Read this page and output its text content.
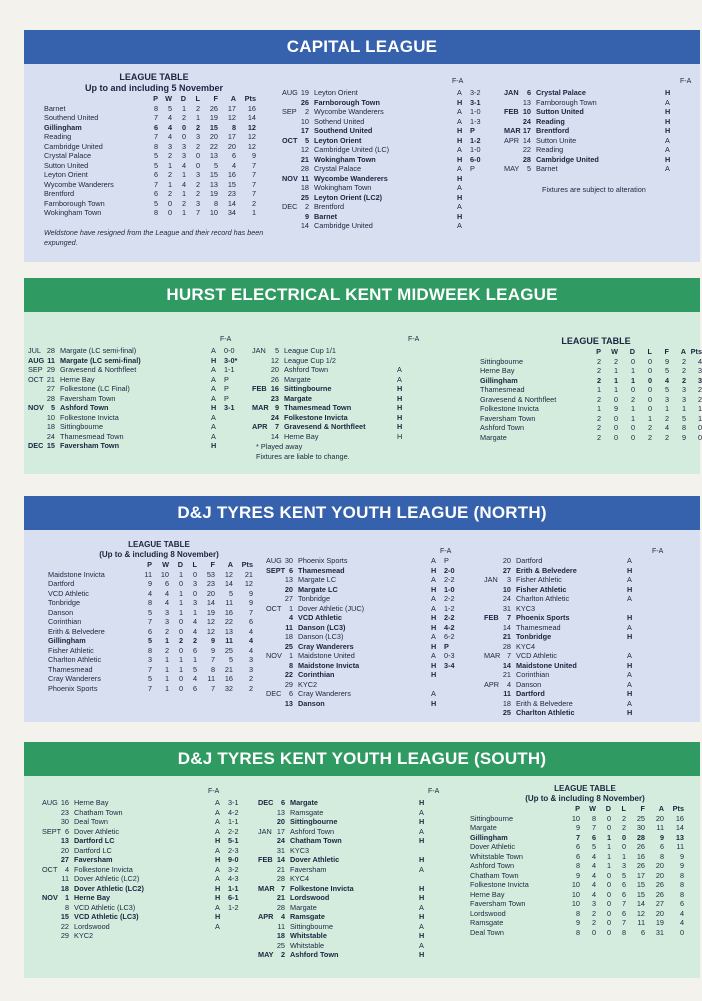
CAPITAL LEAGUE
LEAGUE TABLE
Up to and including 5 November
	P	W	D	L	F	A	Pts
Barnet	8	5	1	2	26	17	16
Southend United	7	4	2	1	19	12	14
Gillingham	6	4	0	2	15	8	12
Reading	7	4	0	3	20	17	12
Cambridge United	8	3	3	2	22	20	12
Crystal Palace	5	2	3	0	13	6	9
Sutton United	5	1	4	0	5	4	7
Leyton Orient	6	2	1	3	15	16	7
Wycombe Wanderers	7	1	4	2	13	15	7
Brentford	6	2	1	2	19	23	7
Farnborough Town	5	0	2	3	8	14	2
Wokingham Town	8	0	1	7	10	34	1
Weldstone have resigned from the League and their record has been expunged.
F-A
AUG 19 Leyton Orient	A	3-2
26 Farnborough Town	H	3-1
SEP	2 Wycombe Wanderers	A	1-0
10 Sothend United	A	1-3
17 Southend United	H	P
OCT	5 Leyton Orient	H	1-2
12 Cambridge United (LC)	A	1-0
21 Wokingham Town	H	6-0
28 Crystal Palace	A	P
NOV 11 Wycombe Wanderers	H
18 Wokingham Town	A
25 Leyton Orient (LC2)	H
DEC	2 Brentford	A
9 Barnet	H
14 Cambridge United	A
F-A
JAN	6 Crystal Palace	H
13 Farnborough Town	A
FEB 10 Sutton United	H
24 Reading	H
MAR 17 Brentford	H
APR 14 Sutton Unite	A
22 Reading	A
28 Cambridge United	H
MAY	5 Barnet	A
Fixtures are subject to alteration
HURST ELECTRICAL KENT MIDWEEK LEAGUE
F-A
JUL 28 Margate (LC semi-final)	A	0-0
AUG 11 Margate (LC semi-final)	H	3-0*
SEP 29 Gravesend & Northfleet	A	1-1
OCT 21 Herne Bay	A	P
27 Folkestone (LC Final)	A	P
28 Faversham Town	A	P
NOV 5 Ashford Town	H	3-1
10 Folkestone Invicta	A
18 Sittingbourne	A
24 Thamesmead Town	A
DEC 15 Faversham Town	H
F-A
JAN	5 League Cup 1/1
12 League Cup 1/2
20 Ashford Town	A
26 Margate	A
FEB 16 Sittingbourne	H
23 Margate	H
MAR 9 Thamesmead Town	H
24 Folkestone Invicta	H
APR	7 Gravesend & Northfleet	H
14 Herne Bay	H
* Played away
Fixtures are liable to change.
LEAGUE TABLE
	P	W	D	L	F	A	Pts
Sittingbourne	2	2	0	0	9	2	4
Herne Bay	2	1	1	0	5	2	3
Gillingham	2	1	1	0	4	2	3
Thamesmead	1	1	0	0	5	3	2
Gravesend & Northfleet	2	0	2	0	3	3	2
Folkestone Invicta	1	9	1	0	1	1	1
Faversham Town	2	0	1	1	2	5	1
Ashford Town	2	0	0	2	4	8	0
Margate	2	0	0	2	2	9	0
D&J TYRES KENT YOUTH LEAGUE (NORTH)
LEAGUE TABLE
(Up to & including 8 November)
	P	W	D	L	F	A	Pts
Maidstone Invicta	11	10	1	0	53	12	21
Dartford	9	6	0	3	23	14	12
VCD Athletic	4	4	1	0	20	5	9
Tonbridge	8	4	1	3	14	11	9
Danson	5	3	1	1	19	16	7
Corinthian	7	3	0	4	12	22	6
Erith & Belvedere	6	2	0	4	12	13	4
Gillingham	5	1	2	2	9	11	4
Fisher Athletic	8	2	0	6	9	25	4
Charlton Athletic	3	1	1	1	7	5	3
Thamesmead	7	1	1	5	8	21	3
Cray Wanderers	5	1	0	4	11	16	2
Phoenix Sports	7	1	0	6	7	32	2
F-A
AUG 30 Phoenix Sports	A	P
SEPT 6 Thamesmead	H	2-0
13 Margate LC	A	2-2
20 Margate LC	H	1-0
27 Tonbridge	A	2-2
OCT	1 Dover Athletic (JUC)	A	1-2
4 VCD Athletic	H	2-2
11 Danson (LC3)	H	4-2
18 Danson (LC3)	A	6-2
25 Cray Wanderers	H	P
NOV 1 Maidstone United	A	0-3
8 Maidstone Invicta	H	3-4
22 Corinthian	H
29 KYC2
DEC	6 Cray Wanderers	A
13 Danson	H
F-A
20 Dartford	A
27 Erith & Belvedere	H
JAN	3 Fisher Athletic	A
10 Fisher Athletic	H
24 Charlton Athletic	A
31 KYC3
FEB	7 Phoenix Sports	H
14 Thamesmead	A
21 Tonbridge	H
28 KYC4
MAR 7 VCD Athletic	A
14 Maidstone United	H
21 Corinthian	A
APR	4 Danson	A
11 Dartford	H
18 Erith & Belvedere	A
25 Charlton Athletic	H
D&J TYRES KENT YOUTH LEAGUE (SOUTH)
F-A
AUG 16 Herne Bay	A	3-1
23 Chatham Town	A	4-2
30 Deal Town	A	1-1
SEPT 6 Dover Athletic	A	2-2
13 Dartford LC	H	5-1
20 Dartford LC	A	2-3
27 Faversham	H	9-0
OCT	4 Folkestone Invicta	A	3-2
11 Dover Athletic (LC2)	A	4-3
18 Dover Athletic (LC2)	H	1-1
NOV 1 Herne Bay	H	6-1
8 VCD Athletic (LC3)	A	1-2
15 VCD Athletic (LC3)	H
22 Lordswood	A
29 KYC2
F-A
DEC	6 Margate	H
13 Ramsgate	A
20 Sittingbourne	H
JAN 17 Ashford Town	A
24 Chatham Town	H
31 KYC3
FEB 14 Dover Athletic	H
21 Faversham	A
28 KYC4
MAR 7 Folkestone Invicta	H
21 Lordswood	H
28 Margate	A
APR	4 Ramsgate	H
11 Sittingbourne	A
18 Whitstable	H
25 Whitstable	A
MAY	2 Ashford Town	H
LEAGUE TABLE
(Up to & including 8 November)
	P	W	D	L	F	A	Pts
Sittingbourne	10	8	0	2	25	20	16
Margate	9	7	0	2	30	11	14
Gillingham	7	6	1	0	28	9	13
Dover Athletic	6	5	1	0	26	6	11
Whitstable Town	6	4	1	1	16	8	9
Ashford Town	8	4	1	3	26	20	9
Chatham Town	9	4	0	5	17	20	8
Folkestone Invicta	10	4	0	6	15	26	8
Herne Bay	10	4	0	6	15	26	8
Faversham Town	10	3	0	7	14	27	6
Lordswood	8	2	0	6	12	20	4
Ramsgate	9	2	0	7	11	19	4
Deal Town	8	0	0	8	6	31	0
